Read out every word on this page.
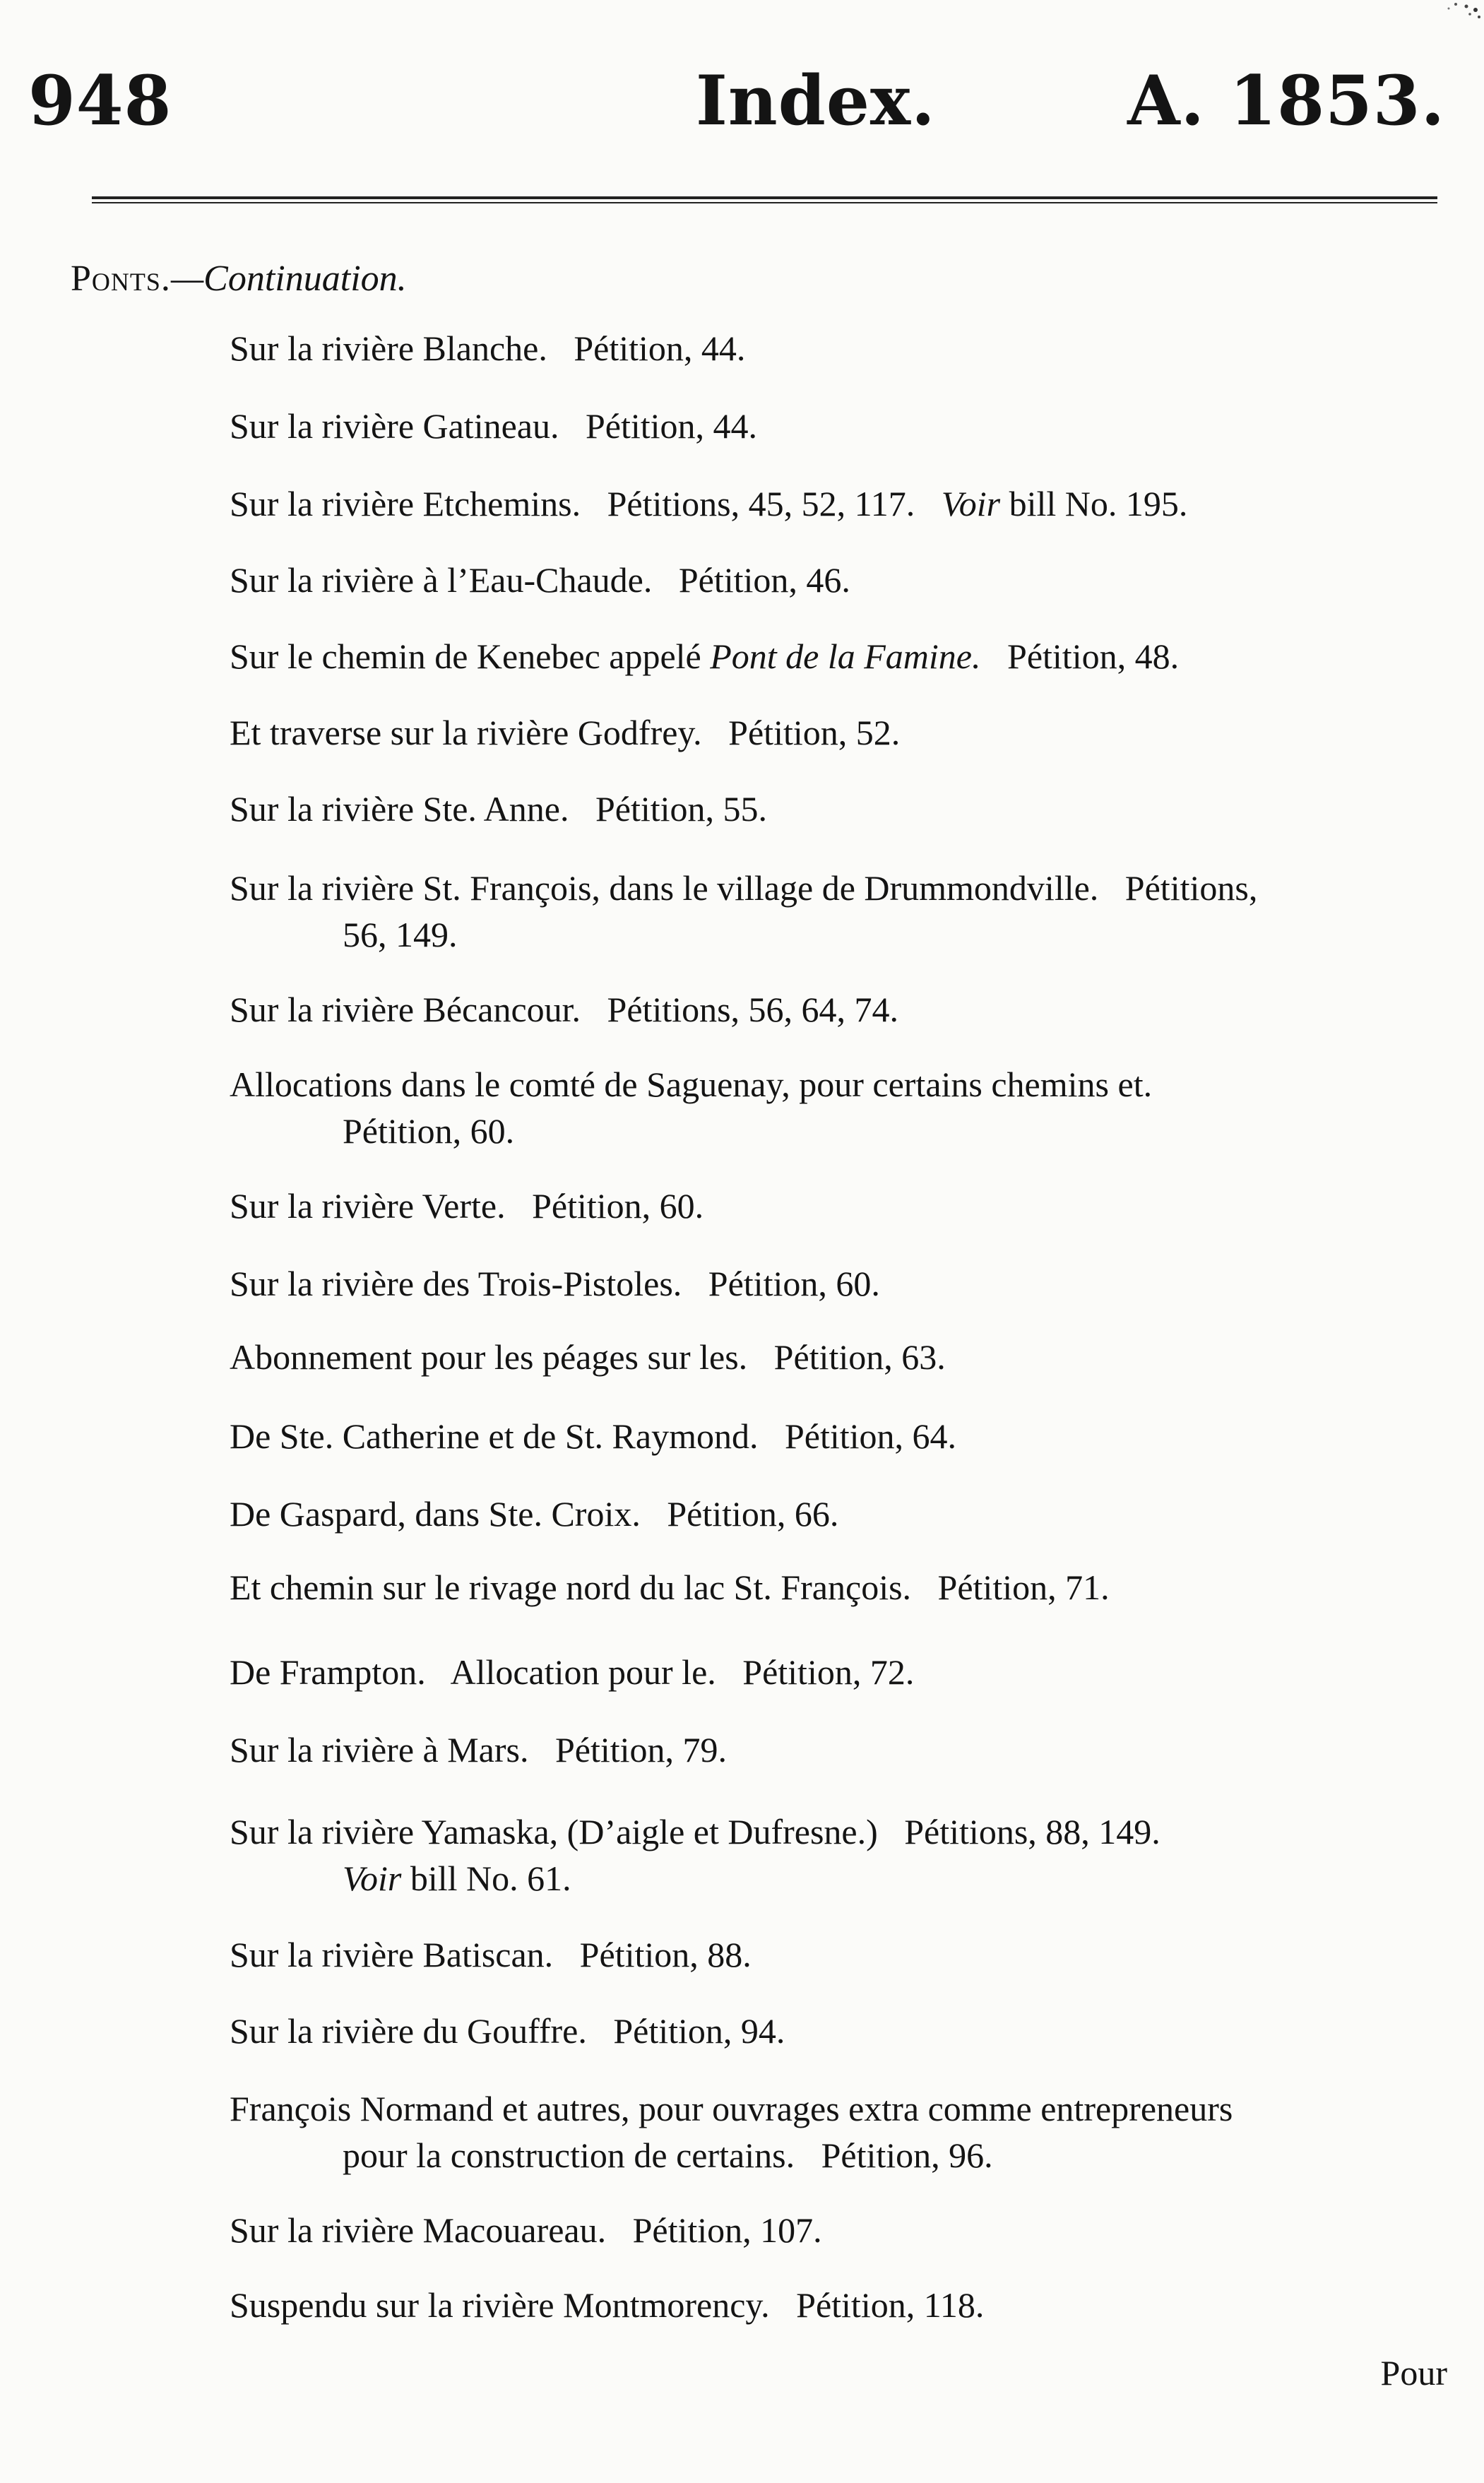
948	Index.	A. 1853.
Ponts.—Continuation.

Sur la rivière Blanche.   Pétition, 44.

Sur la rivière Gatineau.   Pétition, 44.

Sur la rivière Etchemins.   Pétitions, 45, 52, 117.   Voir bill No. 195.

Sur la rivière à l’Eau-Chaude.   Pétition, 46.

Sur le chemin de Kenebec appelé Pont de la Famine.   Pétition, 48.

Et traverse sur la rivière Godfrey.   Pétition, 52.

Sur la rivière Ste. Anne.   Pétition, 55.

Sur la rivière St. François, dans le village de Drummondville.   Pétitions,
56, 149.

Sur la rivière Bécancour.   Pétitions, 56, 64, 74.

Allocations dans le comté de Saguenay, pour certains chemins et.
Pétition, 60.

Sur la rivière Verte.   Pétition, 60.

Sur la rivière des Trois-Pistoles.   Pétition, 60.

Abonnement pour les péages sur les.   Pétition, 63.

De Ste. Catherine et de St. Raymond.   Pétition, 64.

De Gaspard, dans Ste. Croix.   Pétition, 66.

Et chemin sur le rivage nord du lac St. François.   Pétition, 71.

De Frampton.   Allocation pour le.   Pétition, 72.

Sur la rivière à Mars.   Pétition, 79.

Sur la rivière Yamaska, (D’aigle et Dufresne.)   Pétitions, 88, 149.
Voir bill No. 61.

Sur la rivière Batiscan.   Pétition, 88.

Sur la rivière du Gouffre.   Pétition, 94.

François Normand et autres, pour ouvrages extra comme entrepreneurs
pour la construction de certains.   Pétition, 96.

Sur la rivière Macouareau.   Pétition, 107.

Suspendu sur la rivière Montmorency.   Pétition, 118.

Pour
